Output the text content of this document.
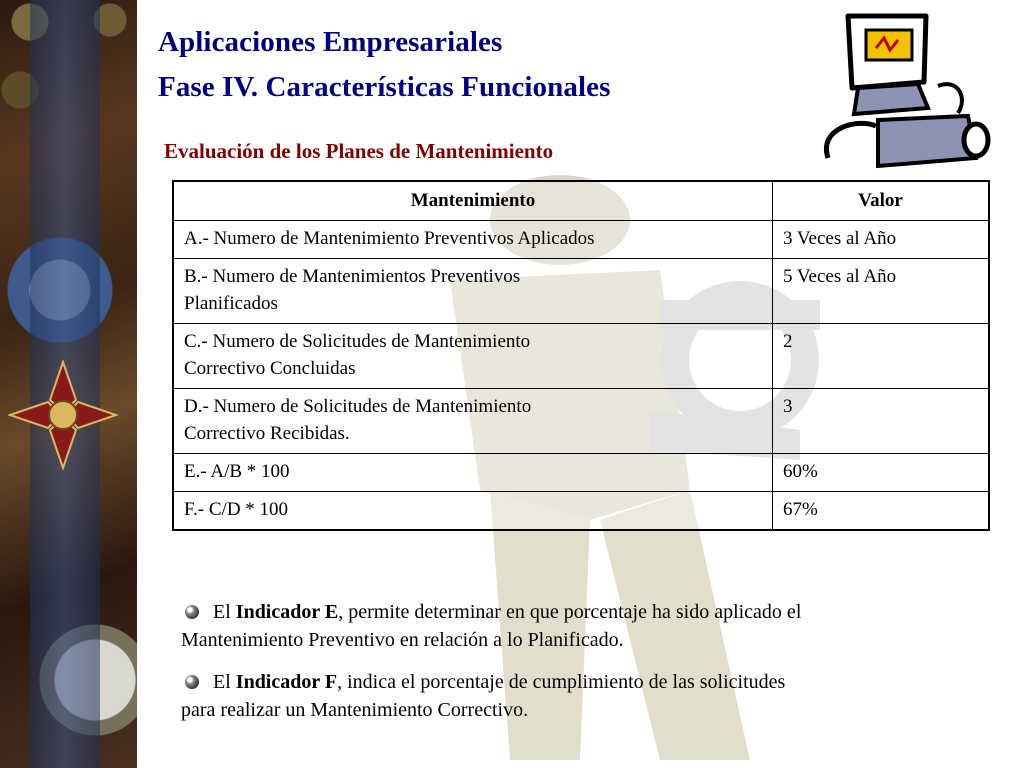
Aplicaciones Empresariales
Fase IV. Características Funcionales
Evaluación de los Planes de Mantenimiento
Mantenimiento	Valor
A.- Numero de Mantenimiento Preventivos Aplicados	3 Veces al Año
B.- Numero de Mantenimientos Preventivos
Planificados	5 Veces al Año
C.- Numero de Solicitudes de Mantenimiento
Correctivo Concluidas	2
D.- Numero de Solicitudes de Mantenimiento
Correctivo Recibidas.	3
E.- A/B * 100	60%
F.- C/D * 100	67%
El Indicador E, permite determinar en que porcentaje ha sido aplicado el
Mantenimiento Preventivo en relación a lo Planificado.
El Indicador F, indica el porcentaje de cumplimiento de las solicitudes
para realizar un Mantenimiento Correctivo.
